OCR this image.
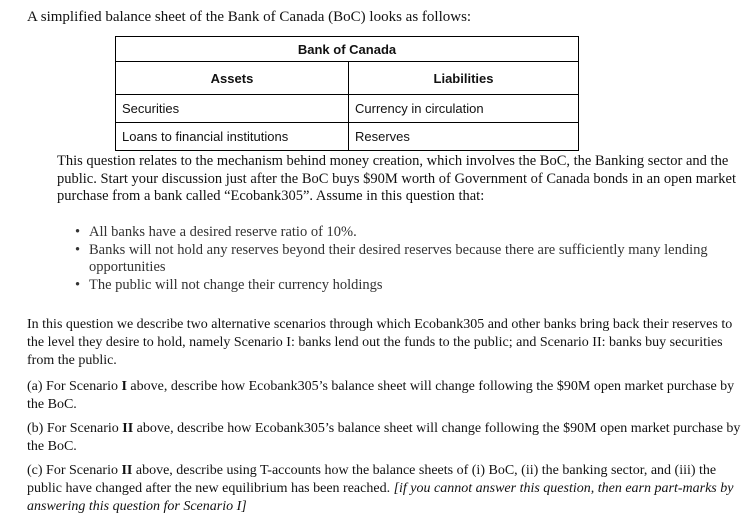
A simplified balance sheet of the Bank of Canada (BoC) looks as follows:
Bank of Canada	
Assets	Liabilities
Securities	Currency in circulation
Loans to financial institutions	Reserves
This question relates to the mechanism behind money creation, which involves the BoC, the Banking sector and the public. Start your discussion just after the BoC buys $90M worth of Government of Canada bonds in an open market purchase from a bank called “Ecobank305”. Assume in this question that:
• All banks have a desired reserve ratio of 10%.
• Banks will not hold any reserves beyond their desired reserves because there are sufficiently many lending opportunities
• The public will not change their currency holdings
In this question we describe two alternative scenarios through which Ecobank305 and other banks bring back their reserves to the level they desire to hold, namely Scenario I: banks lend out the funds to the public; and Scenario II: banks buy securities from the public.
(a) For Scenario I above, describe how Ecobank305’s balance sheet will change following the $90M open market purchase by the BoC.
(b) For Scenario II above, describe how Ecobank305’s balance sheet will change following the $90M open market purchase by the BoC.
(c) For Scenario II above, describe using T-accounts how the balance sheets of (i) BoC, (ii) the banking sector, and (iii) the public have changed after the new equilibrium has been reached. [if you cannot answer this question, then earn part-marks by answering this question for Scenario I]
